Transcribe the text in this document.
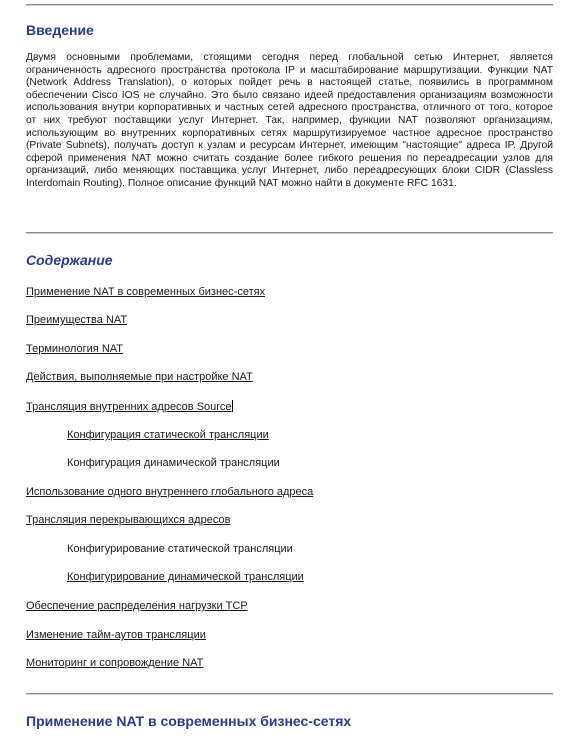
Введение

Двумя основными проблемами, стоящими сегодня перед глобальной сетью Интернет, является ограниченность адресного пространства протокола IP и масштабирование маршрутизации. Функции NAT (Network Address Translation), о которых пойдет речь в настоящей статье, появились в программном обеспечении Cisco IOS не случайно. Это было связано идеей предоставления организациям возможности использования внутри корпоративных и частных сетей адресного пространства, отличного от того, которое от них требуют поставщики услуг Интернет. Так, например, функции NAT позволяют организациям, использующим во внутренних корпоративных сетях маршрутизируемое частное адресное пространство (Private Subnets), получать доступ к узлам и ресурсам Интернет, имеющим "настоящие" адреса IP. Другой сферой применения NAT можно считать создание более гибкого решения по переадресации узлов для организаций, либо меняющих поставщика услуг Интернет, либо переадресующих блоки CIDR (Classless Interdomain Routing). Полное описание функций NAT можно найти в документе RFC 1631.

Содержание
Применение NAT в современных бизнес-сетях
Преимущества NAT
Терминология NAT
Действия, выполняемые при настройке NAT
Трансляция внутренних адресов Source
Конфигурация статической трансляции
Конфигурация динамической трансляции
Использование одного внутреннего глобального адреса
Трансляция перекрывающихся адресов
Конфигурирование статической трансляции
Конфигурирование динамической трансляции
Обеспечение распределения нагрузки TCP
Изменение тайм-аутов трансляции
Мониторинг и сопровождение NAT
Применение NAT в современных бизнес-сетях
